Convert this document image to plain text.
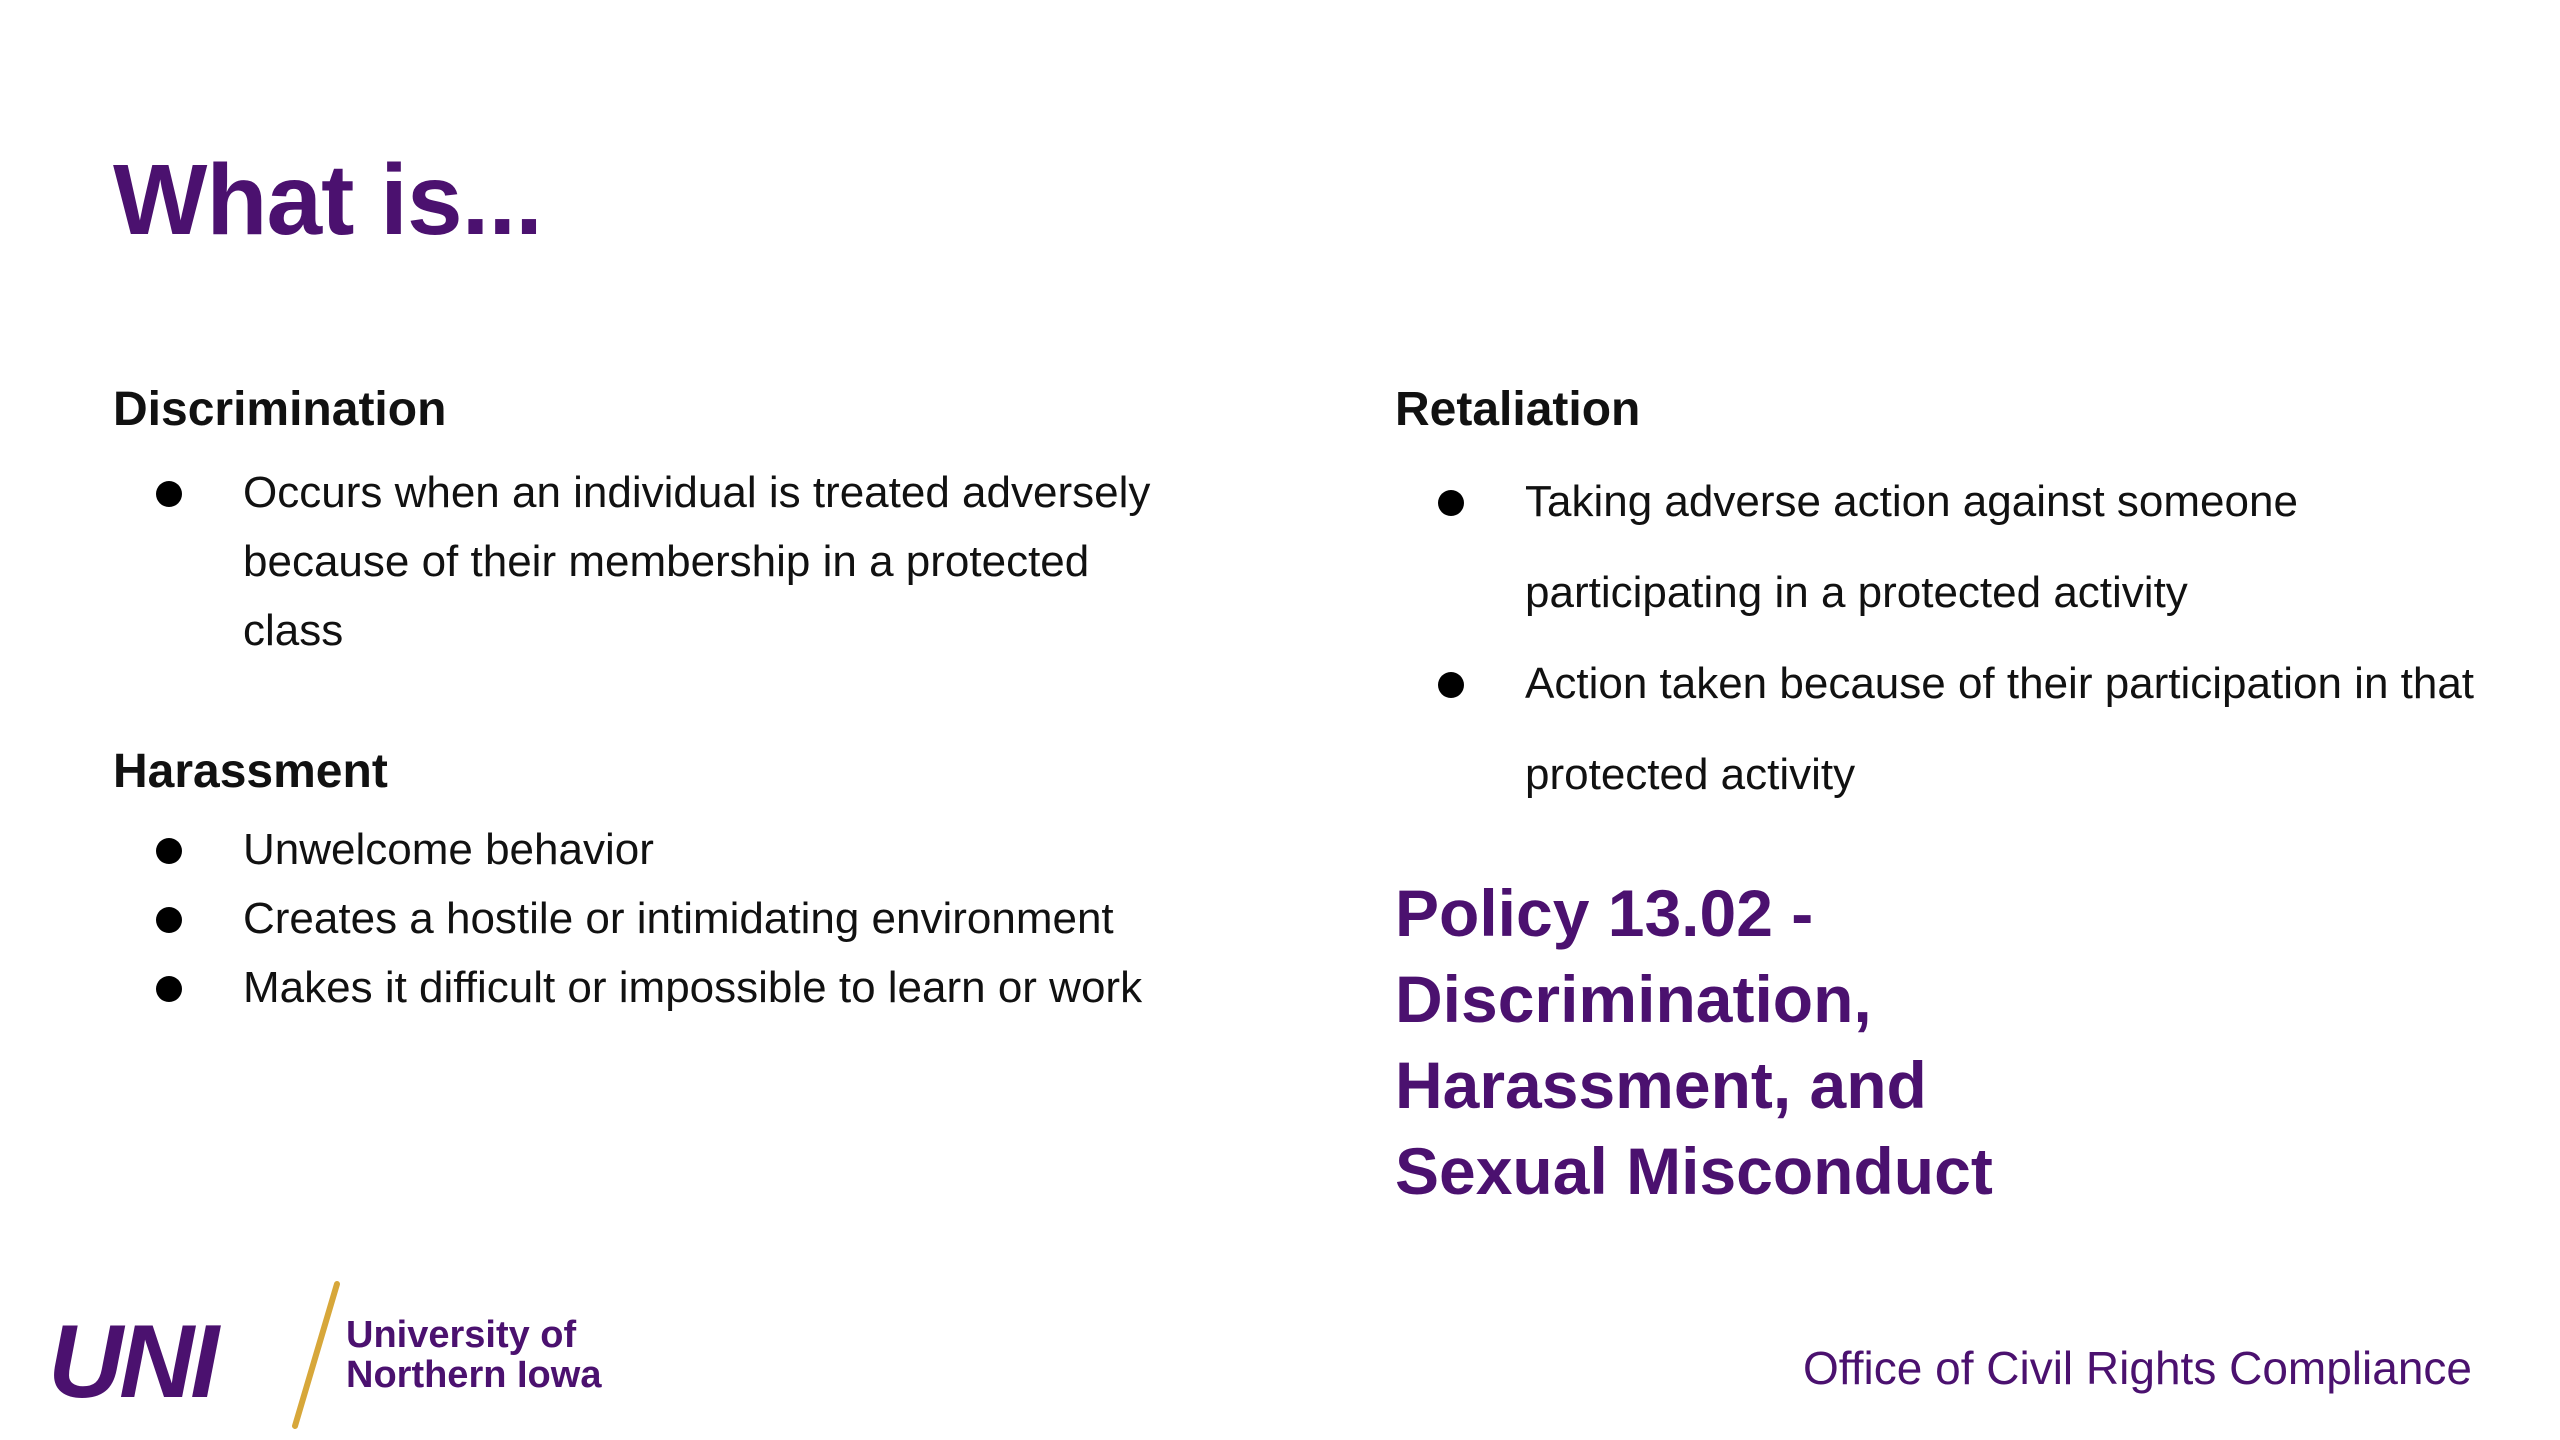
What is...
Discrimination
Occurs when an individual is treated adversely because of their membership in a protected class
Harassment
Unwelcome behavior
Creates a hostile or intimidating environment
Makes it difficult or impossible to learn or work
Retaliation
Taking adverse action against someone participating in a protected activity
Action taken because of their participation in that protected activity
Policy 13.02 -
Discrimination,
Harassment, and
Sexual Misconduct
UNI	University of
Northern Iowa	Office of Civil Rights Compliance
